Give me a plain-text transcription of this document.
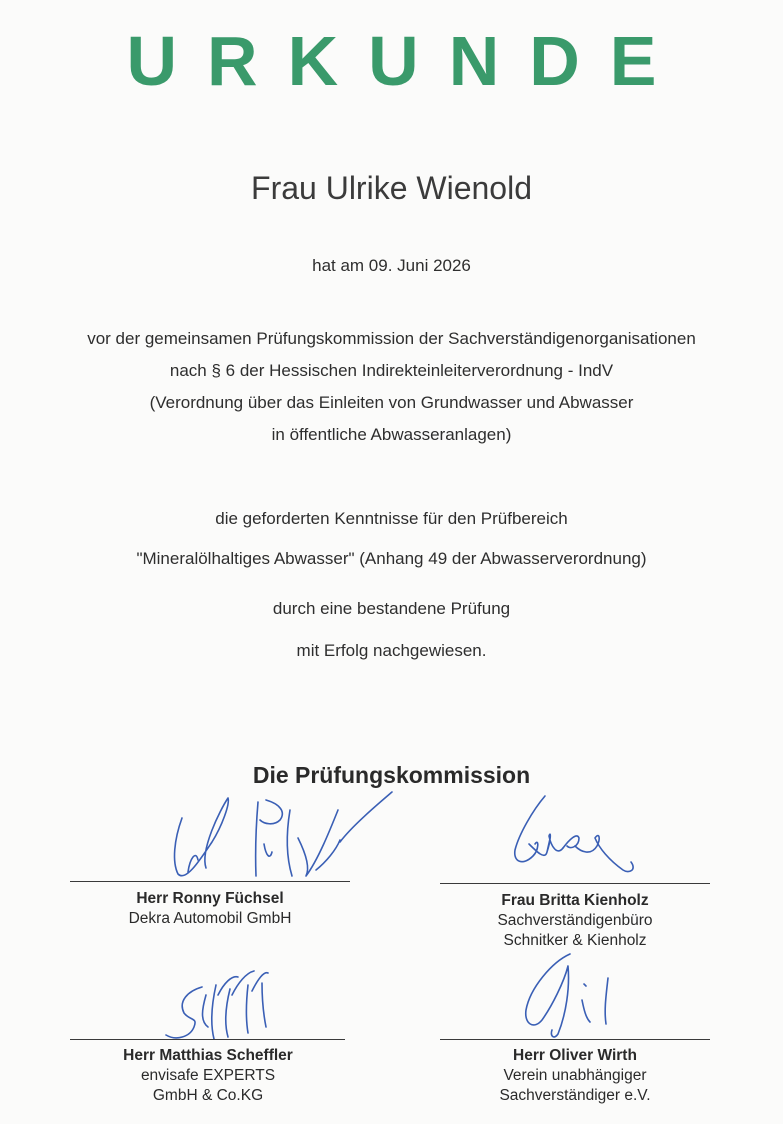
URKUNDE
Frau Ulrike Wienold
hat am 09. Juni 2026
vor der gemeinsamen Prüfungskommission der Sachverständigenorganisationen
nach § 6 der Hessischen Indirekteinleiterverordnung - IndV
(Verordnung über das Einleiten von Grundwasser und Abwasser
in öffentliche Abwasseranlagen)
die geforderten Kenntnisse für den Prüfbereich
"Mineralölhaltiges Abwasser" (Anhang 49 der Abwasserverordnung)
durch eine bestandene Prüfung
mit Erfolg nachgewiesen.
Die Prüfungskommission
Herr Ronny Füchsel
Dekra Automobil GmbH
Frau Britta Kienholz
Sachverständigenbüro
Schnitker & Kienholz
Herr Matthias Scheffler
envisafe EXPERTS
GmbH & Co.KG
Herr Oliver Wirth
Verein unabhängiger
Sachverständiger e.V.
